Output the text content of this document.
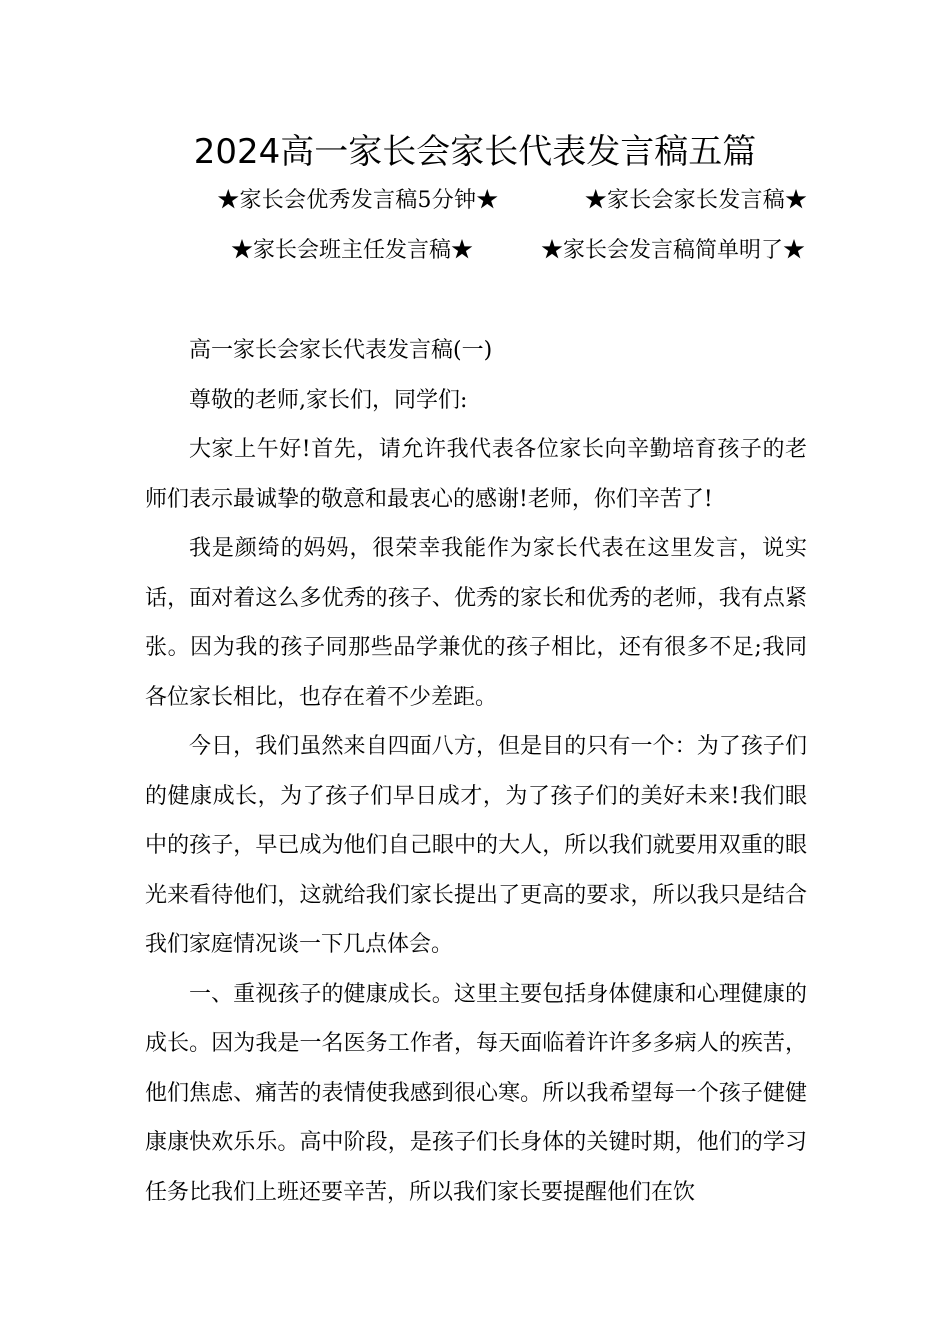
2024高一家长会家长代表发言稿五篇
★家长会优秀发言稿5分钟★	★家长会家长发言稿★★家长会班主任发言稿★	★家长会发言稿简单明了★

高一家长会家长代表发言稿(一)

尊敬的老师,家长们，同学们:

大家上午好!首先，请允许我代表各位家长向辛勤培育孩子的老师们表示最诚挚的敬意和最衷心的感谢!老师，你们辛苦了!

我是颜绮的妈妈，很荣幸我能作为家长代表在这里发言，说实话，面对着这么多优秀的孩子、优秀的家长和优秀的老师，我有点紧张。因为我的孩子同那些品学兼优的孩子相比，还有很多不足;我同各位家长相比，也存在着不少差距。

今日，我们虽然来自四面八方，但是目的只有一个：为了孩子们的健康成长，为了孩子们早日成才，为了孩子们的美好未来!我们眼中的孩子，早已成为他们自己眼中的大人，所以我们就要用双重的眼光来看待他们，这就给我们家长提出了更高的要求，所以我只是结合我们家庭情况谈一下几点体会。

一、重视孩子的健康成长。这里主要包括身体健康和心理健康的成长。因为我是一名医务工作者，每天面临着许许多多病人的疾苦，他们焦虑、痛苦的表情使我感到很心寒。所以我希望每一个孩子健健康康快欢乐乐。高中阶段，是孩子们长身体的关键时期，他们的学习任务比我们上班还要辛苦，所以我们家长要提醒他们在饮
